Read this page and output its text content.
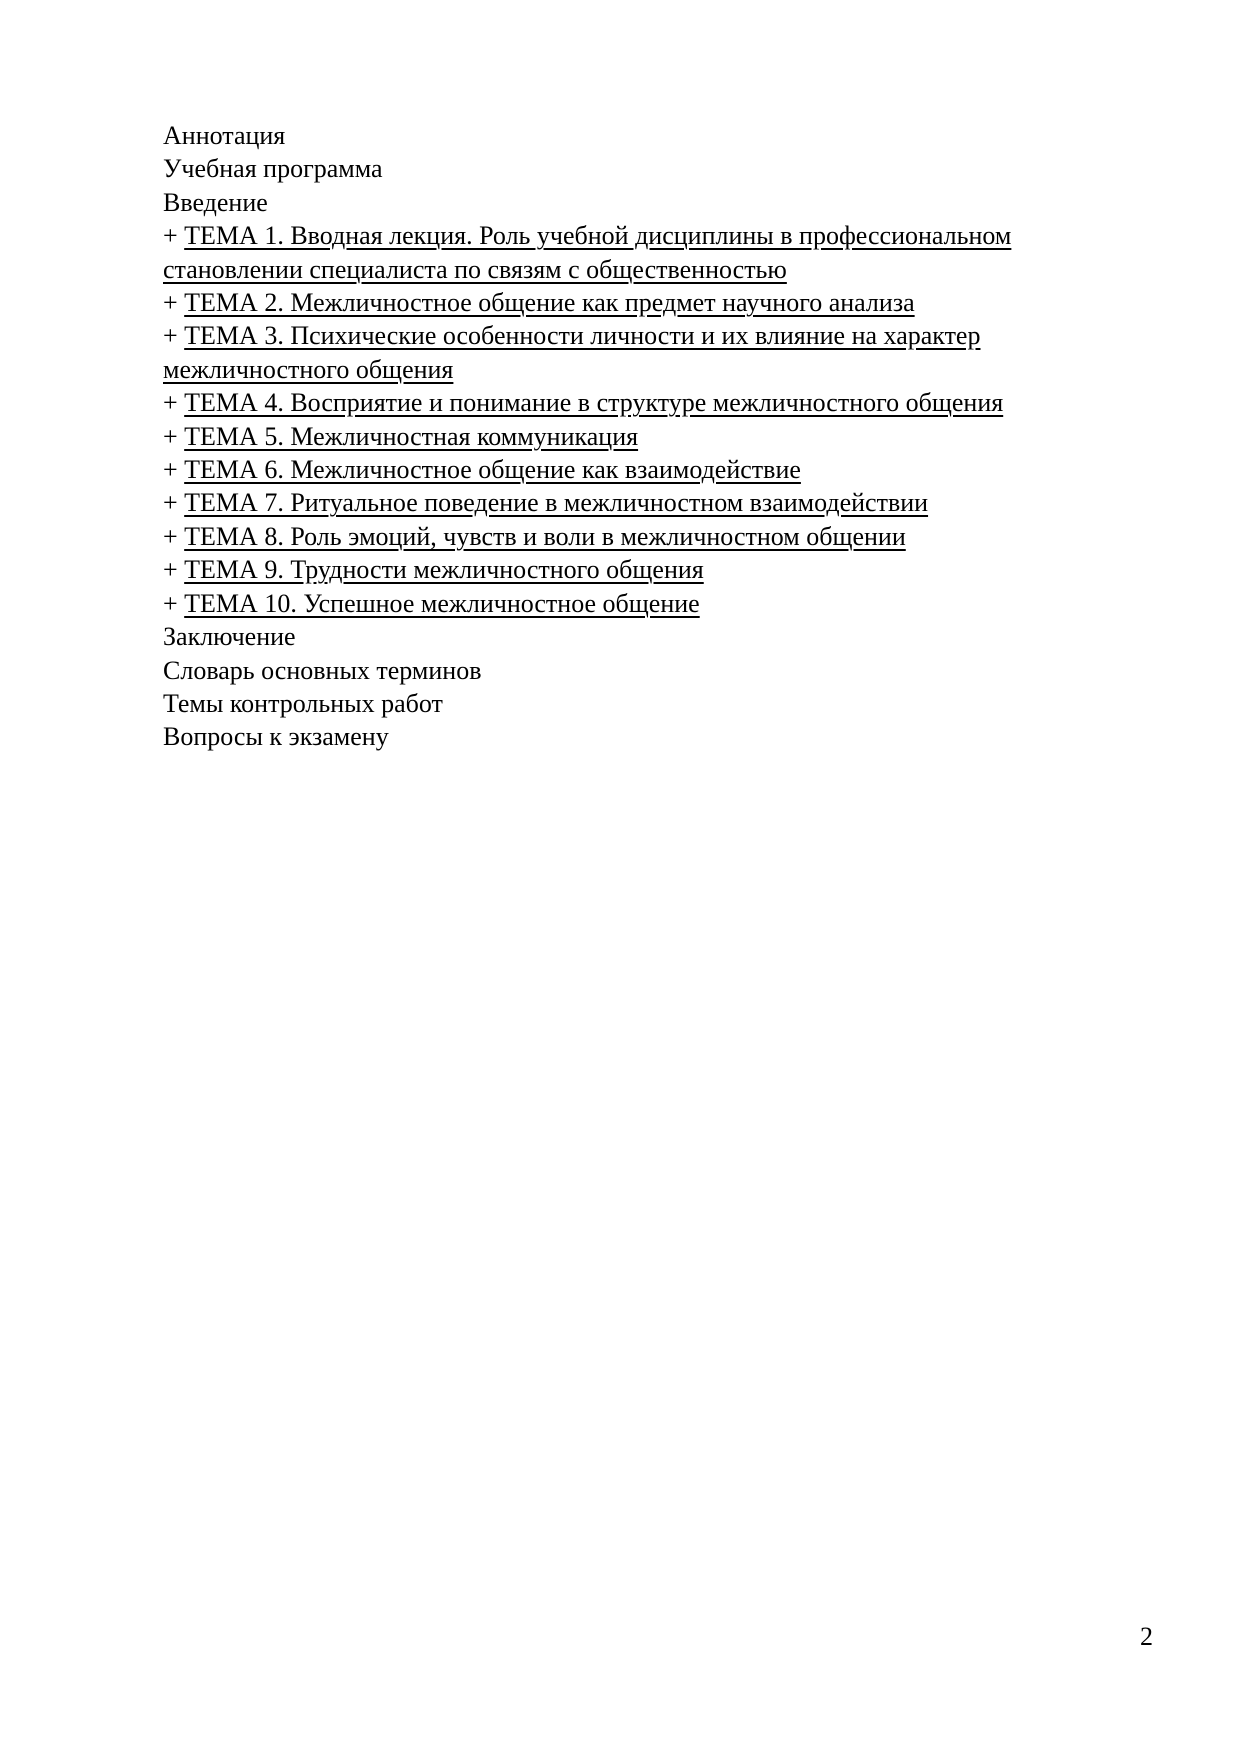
Аннотация
Учебная программа
Введение
+ ТЕМА 1. Вводная лекция. Роль учебной дисциплины в профессиональном становлении специалиста по связям с общественностью
+ ТЕМА 2. Межличностное общение как предмет научного анализа
+ ТЕМА 3. Психические особенности личности и их влияние на характер межличностного общения
+ ТЕМА 4. Восприятие и понимание в структуре межличностного общения
+ ТЕМА 5. Межличностная коммуникация
+ ТЕМА 6. Межличностное общение как взаимодействие
+ ТЕМА 7. Ритуальное поведение в межличностном взаимодействии
+ ТЕМА 8. Роль эмоций, чувств и воли в межличностном общении
+ ТЕМА 9. Трудности межличностного общения
+ ТЕМА 10. Успешное межличностное общение
Заключение
Словарь основных терминов
Темы контрольных работ
Вопросы к экзамену
2
